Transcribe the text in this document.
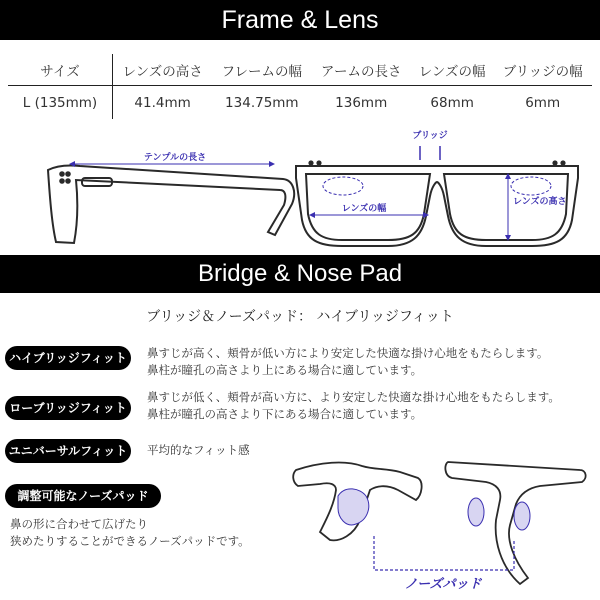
Frame & Lens
サイズ	レンズの高さ	フレームの幅	アームの長さ	レンズの幅	ブリッジの幅
L (135mm)	41.4mm	134.75mm	136mm	68mm	6mm
テンプルの長さ
ブリッジ
レンズの幅
レンズの高さ
ノーズパッド
Bridge & Nose Pad
ブリッジ＆ノーズパッド： ハイブリッジフィット
ハイブリッジフィット	鼻すじが高く、頬骨が低い方により安定した快適な掛け心地をもたらします。
鼻柱が瞳孔の高さより上にある場合に適しています。
ローブリッジフィット
鼻すじが低く、頬骨が高い方に、より安定した快適な掛け心地をもたらします。
鼻柱が瞳孔の高さより下にある場合に適しています。
ユニバーサルフィット	平均的なフィット感
調整可能なノーズパッド
鼻の形に合わせて広げたり
狭めたりすることができるノーズパッドです。
